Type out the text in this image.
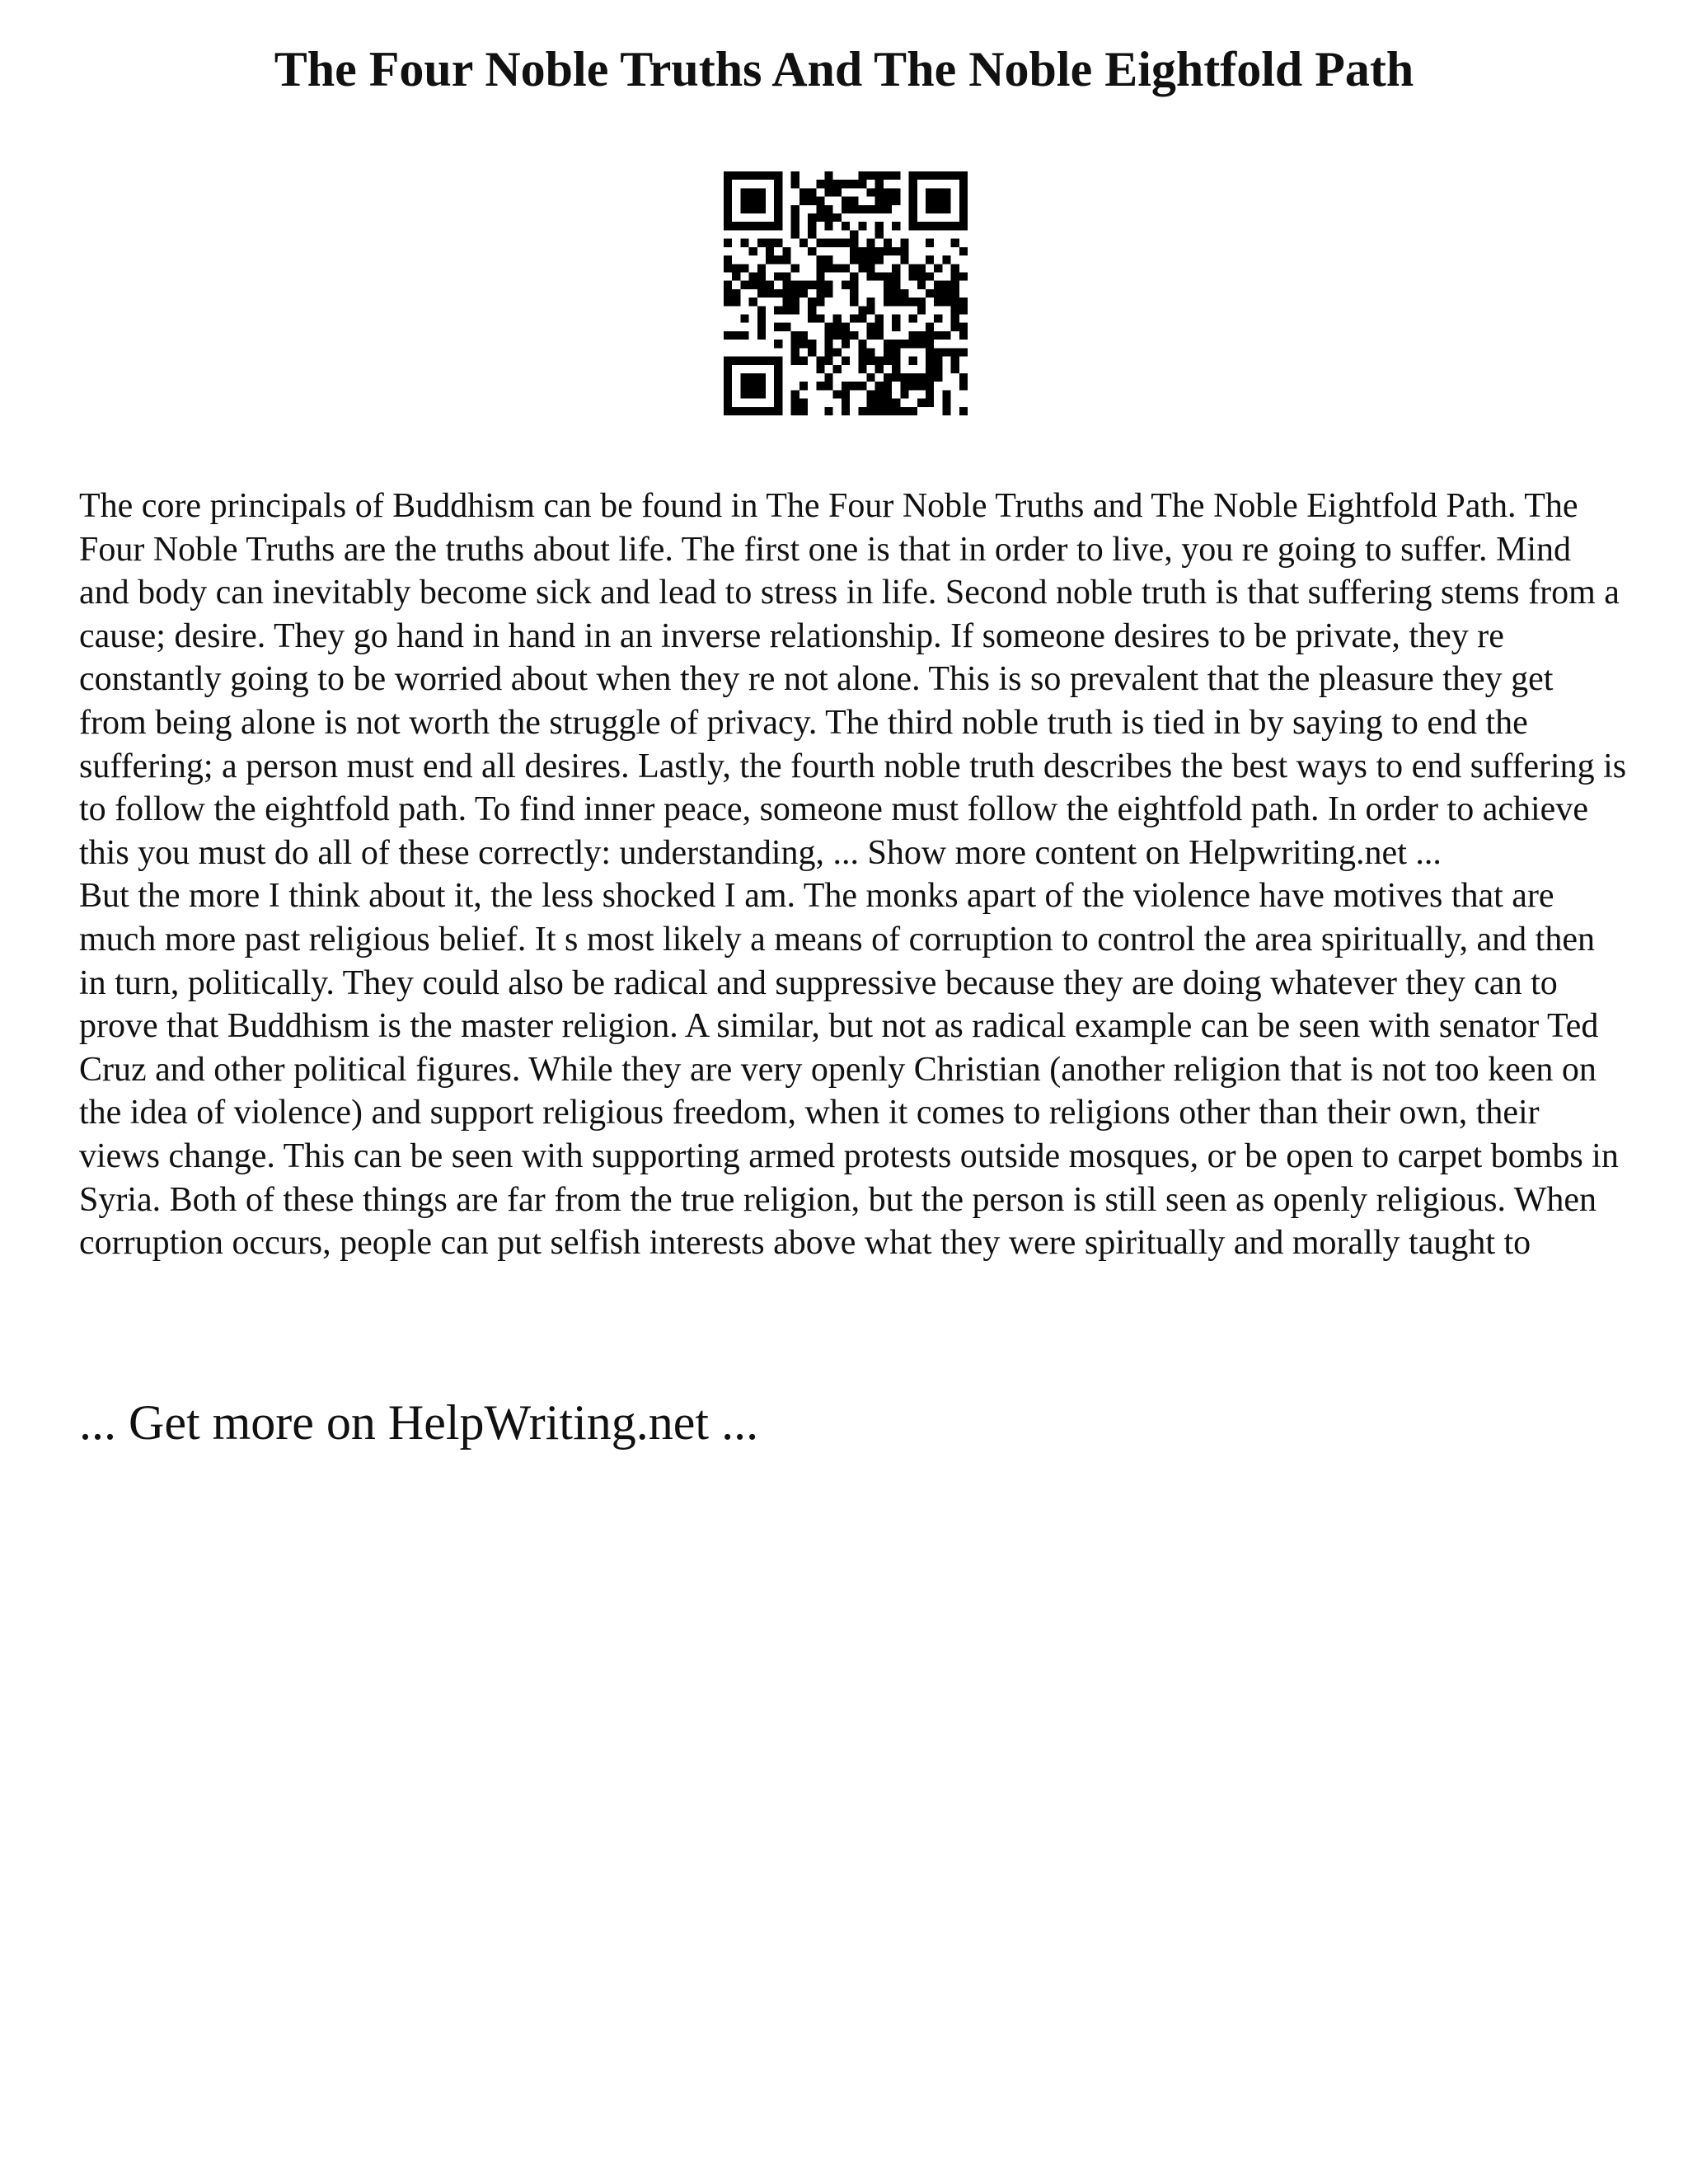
The Four Noble Truths And The Noble Eightfold Path

The core principals of Buddhism can be found in The Four Noble Truths and The Noble Eightfold Path. The Four Noble Truths are the truths about life. The first one is that in order to live, you re going to suffer. Mind and body can inevitably become sick and lead to stress in life. Second noble truth is that suffering stems from a cause; desire. They go hand in hand in an inverse relationship. If someone desires to be private, they re constantly going to be worried about when they re not alone. This is so prevalent that the pleasure they get from being alone is not worth the struggle of privacy. The third noble truth is tied in by saying to end the suffering; a person must end all desires. Lastly, the fourth noble truth describes the best ways to end suffering is to follow the eightfold path. To find inner peace, someone must follow the eightfold path. In order to achieve this you must do all of these correctly: understanding, ... Show more content on Helpwriting.net ...

But the more I think about it, the less shocked I am. The monks apart of the violence have motives that are much more past religious belief. It s most likely a means of corruption to control the area spiritually, and then in turn, politically. They could also be radical and suppressive because they are doing whatever they can to prove that Buddhism is the master religion. A similar, but not as radical example can be seen with senator Ted Cruz and other political figures. While they are very openly Christian (another religion that is not too keen on the idea of violence) and support religious freedom, when it comes to religions other than their own, their views change. This can be seen with supporting armed protests outside mosques, or be open to carpet bombs in Syria. Both of these things are far from the true religion, but the person is still seen as openly religious. When corruption occurs, people can put selfish interests above what they were spiritually and morally taught to

... Get more on HelpWriting.net ...
